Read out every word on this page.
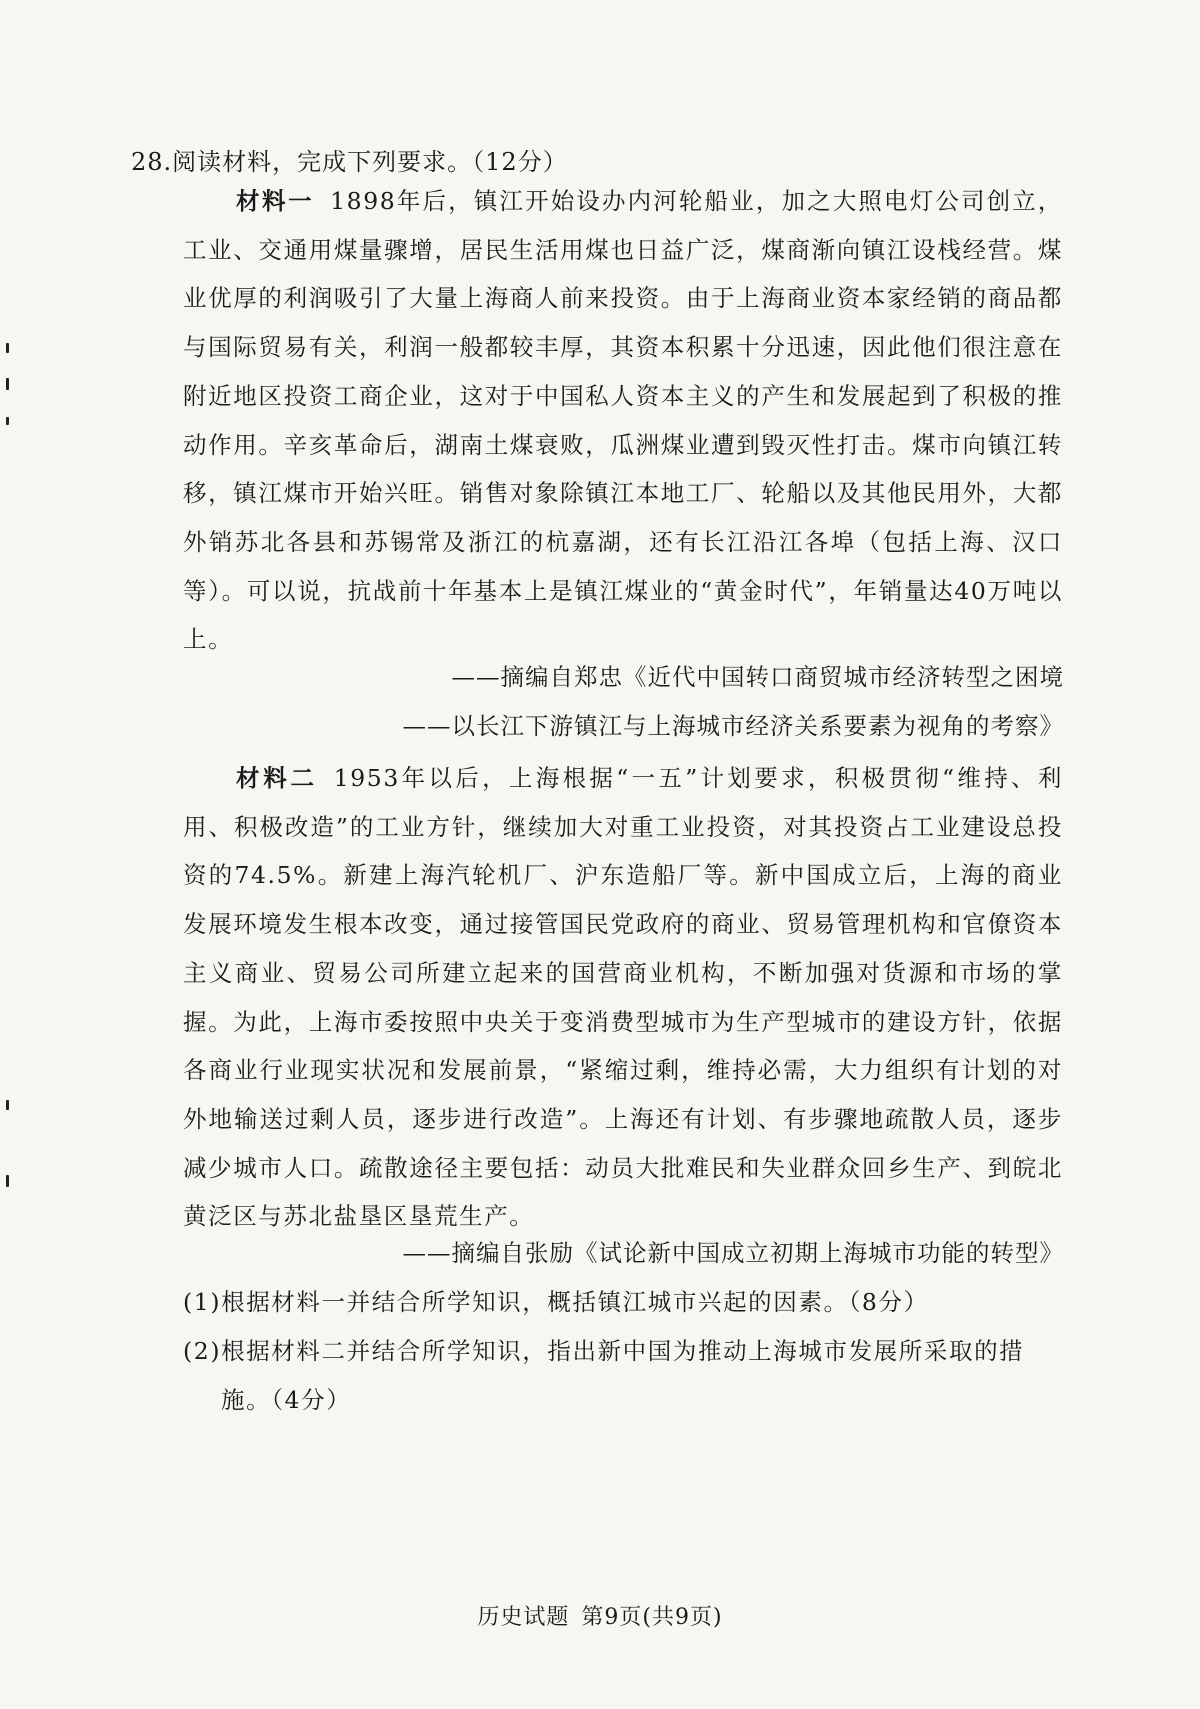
28.阅读材料，完成下列要求。（12分）
材料一 1898年后，镇江开始设办内河轮船业，加之大照电灯公司创立，工业、交通用煤量骤增，居民生活用煤也日益广泛，煤商渐向镇江设栈经营。煤业优厚的利润吸引了大量上海商人前来投资。由于上海商业资本家经销的商品都与国际贸易有关，利润一般都较丰厚，其资本积累十分迅速，因此他们很注意在附近地区投资工商企业，这对于中国私人资本主义的产生和发展起到了积极的推动作用。辛亥革命后，湖南土煤衰败，瓜洲煤业遭到毁灭性打击。煤市向镇江转移，镇江煤市开始兴旺。销售对象除镇江本地工厂、轮船以及其他民用外，大都外销苏北各县和苏锡常及浙江的杭嘉湖，还有长江沿江各埠（包括上海、汉口等）。可以说，抗战前十年基本上是镇江煤业的“黄金时代”，年销量达40万吨以上。
——摘编自郑忠《近代中国转口商贸城市经济转型之困境
——以长江下游镇江与上海城市经济关系要素为视角的考察》
材料二 1953年以后，上海根据“一五”计划要求，积极贯彻“维持、利用、积极改造”的工业方针，继续加大对重工业投资，对其投资占工业建设总投资的74.5%。新建上海汽轮机厂、沪东造船厂等。新中国成立后，上海的商业发展环境发生根本改变，通过接管国民党政府的商业、贸易管理机构和官僚资本主义商业、贸易公司所建立起来的国营商业机构，不断加强对货源和市场的掌握。为此，上海市委按照中央关于变消费型城市为生产型城市的建设方针，依据各商业行业现实状况和发展前景，“紧缩过剩，维持必需，大力组织有计划的对外地输送过剩人员，逐步进行改造”。上海还有计划、有步骤地疏散人员，逐步减少城市人口。疏散途径主要包括：动员大批难民和失业群众回乡生产、到皖北黄泛区与苏北盐垦区垦荒生产。
——摘编自张励《试论新中国成立初期上海城市功能的转型》
(1)根据材料一并结合所学知识，概括镇江城市兴起的因素。（8分）
(2)根据材料二并结合所学知识，指出新中国为推动上海城市发展所采取的措施。（4分）
历史试题 第9页(共9页)
